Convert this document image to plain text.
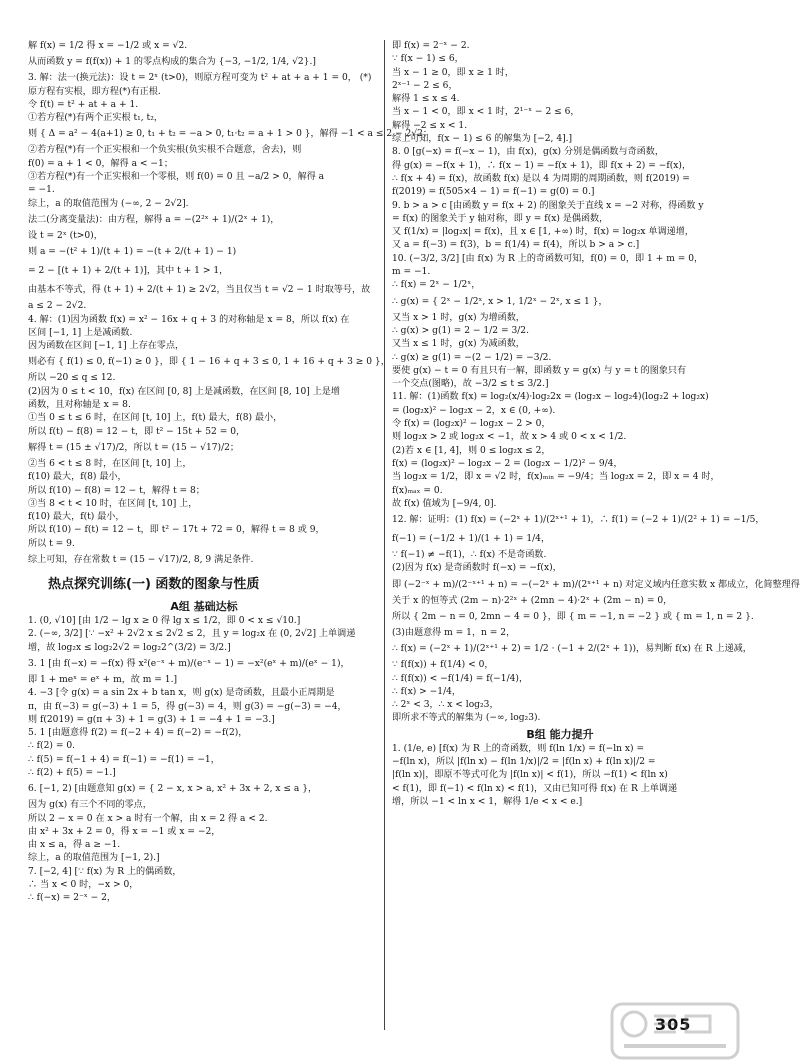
解 f(x) = 1/2 得 x = −1/2 或 x = √2.
从而函数 y = f(f(x)) + 1 的零点构成的集合为 {−3, −1/2, 1/4, √2}.]
3. 解：法一(换元法)：设 t = 2ˣ (t>0)，则原方程可变为 t² + at + a + 1 = 0， (*)
原方程有实根，即方程(*)有正根.
令 f(t) = t² + at + a + 1.
①若方程(*)有两个正实根 t₁, t₂，
则 { Δ = a² − 4(a+1) ≥ 0, t₁ + t₂ = −a > 0, t₁·t₂ = a + 1 > 0 }，解得 −1 < a ≤ 2 − 2√2；
②若方程(*)有一个正实根和一个负实根(负实根不合题意，舍去)，则
f(0) = a + 1 < 0，解得 a < −1；
③若方程(*)有一个正实根和一个零根，则 f(0) = 0 且 −a/2 > 0，解得 a
= −1.
综上，a 的取值范围为 (−∞, 2 − 2√2].
法二(分离变量法)：由方程，解得 a = −(2²ˣ + 1)/(2ˣ + 1)，
设 t = 2ˣ (t>0)，
则 a = −(t² + 1)/(t + 1) = −(t + 2/(t + 1) − 1)
= 2 − [(t + 1) + 2/(t + 1)]，其中 t + 1 > 1，
由基本不等式，得 (t + 1) + 2/(t + 1) ≥ 2√2，当且仅当 t = √2 − 1 时取等号，故
a ≤ 2 − 2√2.
4. 解：(1)因为函数 f(x) = x² − 16x + q + 3 的对称轴是 x = 8，所以 f(x) 在
区间 [−1, 1] 上是减函数.
因为函数在区间 [−1, 1] 上存在零点，
则必有 { f(1) ≤ 0, f(−1) ≥ 0 }，即 { 1 − 16 + q + 3 ≤ 0, 1 + 16 + q + 3 ≥ 0 }，
所以 −20 ≤ q ≤ 12.
(2)因为 0 ≤ t < 10，f(x) 在区间 [0, 8] 上是减函数，在区间 [8, 10] 上是增
函数，且对称轴是 x = 8.
①当 0 ≤ t ≤ 6 时，在区间 [t, 10] 上，f(t) 最大，f(8) 最小，
所以 f(t) − f(8) = 12 − t，即 t² − 15t + 52 = 0，
解得 t = (15 ± √17)/2，所以 t = (15 − √17)/2；
②当 6 < t ≤ 8 时，在区间 [t, 10] 上，
f(10) 最大，f(8) 最小，
所以 f(10) − f(8) = 12 − t，解得 t = 8；
③当 8 < t < 10 时，在区间 [t, 10] 上，
f(10) 最大，f(t) 最小，
所以 f(10) − f(t) = 12 − t，即 t² − 17t + 72 = 0，解得 t = 8 或 9，
所以 t = 9.
综上可知，存在常数 t = (15 − √17)/2, 8, 9 满足条件.
热点探究训练(一) 函数的图象与性质
A组 基础达标
1. (0, √10] [由 1/2 − lg x ≥ 0 得 lg x ≤ 1/2，即 0 < x ≤ √10.]
2. (−∞, 3/2] [∵ −x² + 2√2 x ≤ 2√2 ≤ 2，且 y = log₂x 在 (0, 2√2] 上单调递
增，故 log₂x ≤ log₂2√2 = log₂2^(3/2) = 3/2.]
3. 1 [由 f(−x) = −f(x) 得 x²(e⁻ˣ + m)/(e⁻ˣ − 1) = −x²(eˣ + m)/(eˣ − 1)，
即 1 + meˣ = eˣ + m，故 m = 1.]
4. −3 [令 g(x) = a sin 2x + b tan x，则 g(x) 是奇函数，且最小正周期是
π，由 f(−3) = g(−3) + 1 = 5，得 g(−3) = 4，则 g(3) = −g(−3) = −4，
则 f(2019) = g(π + 3) + 1 = g(3) + 1 = −4 + 1 = −3.]
5. 1 [由题意得 f(2) = f(−2 + 4) = f(−2) = −f(2)，
∴ f(2) = 0.
∴ f(5) = f(−1 + 4) = f(−1) = −f(1) = −1，
∴ f(2) + f(5) = −1.]
6. [−1, 2) [由题意知 g(x) = { 2 − x, x > a, x² + 3x + 2, x ≤ a }，
因为 g(x) 有三个不同的零点，
所以 2 − x = 0 在 x > a 时有一个解，由 x = 2 得 a < 2.
由 x² + 3x + 2 = 0，得 x = −1 或 x = −2，
由 x ≤ a，得 a ≥ −1.
综上，a 的取值范围为 [−1, 2).]
7. [−2, 4] [∵ f(x) 为 R 上的偶函数，
∴ 当 x < 0 时，−x > 0，
∴ f(−x) = 2⁻ˣ − 2，
即 f(x) = 2⁻ˣ − 2.
∵ f(x − 1) ≤ 6，
当 x − 1 ≥ 0，即 x ≥ 1 时，
2ˣ⁻¹ − 2 ≤ 6，
解得 1 ≤ x ≤ 4.
当 x − 1 < 0，即 x < 1 时，2¹⁻ˣ − 2 ≤ 6，
解得 −2 ≤ x < 1.
综上可知，f(x − 1) ≤ 6 的解集为 [−2, 4].]
8. 0 [g(−x) = f(−x − 1)，由 f(x)，g(x) 分别是偶函数与奇函数，
得 g(x) = −f(x + 1)，∴ f(x − 1) = −f(x + 1)，即 f(x + 2) = −f(x)，
∴ f(x + 4) = f(x)，故函数 f(x) 是以 4 为周期的周期函数，则 f(2019) =
f(2019) = f(505×4 − 1) = f(−1) = g(0) = 0.]
9. b > a > c [由函数 y = f(x + 2) 的图象关于直线 x = −2 对称，得函数 y
= f(x) 的图象关于 y 轴对称，即 y = f(x) 是偶函数，
又 f(1/x) = |log₂x| = f(x)，且 x ∈ [1, +∞) 时，f(x) = log₂x 单调递增，
又 a = f(−3) = f(3)，b = f(1/4) = f(4)，所以 b > a > c.]
10. (−3/2, 3/2] [由 f(x) 为 R 上的奇函数可知，f(0) = 0，即 1 + m = 0，
m = −1.
∴ f(x) = 2ˣ − 1/2ˣ，
∴ g(x) = { 2ˣ − 1/2ˣ, x > 1, 1/2ˣ − 2ˣ, x ≤ 1 }，
又当 x > 1 时，g(x) 为增函数，
∴ g(x) > g(1) = 2 − 1/2 = 3/2.
又当 x ≤ 1 时，g(x) 为减函数，
∴ g(x) ≥ g(1) = −(2 − 1/2) = −3/2.
要使 g(x) − t = 0 有且只有一解，即函数 y = g(x) 与 y = t 的图象只有
一个交点(图略)，故 −3/2 ≤ t ≤ 3/2.]
11. 解：(1)函数 f(x) = log₂(x/4)·log₂2x = (log₂x − log₂4)(log₂2 + log₂x)
= (log₂x)² − log₂x − 2，x ∈ (0, +∞).
令 f(x) = (log₂x)² − log₂x − 2 > 0，
则 log₂x > 2 或 log₂x < −1，故 x > 4 或 0 < x < 1/2.
(2)若 x ∈ [1, 4]，则 0 ≤ log₂x ≤ 2，
f(x) = (log₂x)² − log₂x − 2 = (log₂x − 1/2)² − 9/4，
当 log₂x = 1/2，即 x = √2 时，f(x)ₘᵢₙ = −9/4；当 log₂x = 2，即 x = 4 时，
f(x)ₘₐₓ = 0.
故 f(x) 值域为 [−9/4, 0].
12. 解：证明：(1) f(x) = (−2ˣ + 1)/(2ˣ⁺¹ + 1)，∴ f(1) = (−2 + 1)/(2² + 1) = −1/5，
f(−1) = (−1/2 + 1)/(1 + 1) = 1/4，
∵ f(−1) ≠ −f(1)，∴ f(x) 不是奇函数.
(2)因为 f(x) 是奇函数时 f(−x) = −f(x)，
即 (−2⁻ˣ + m)/(2⁻ˣ⁺¹ + n) = −(−2ˣ + m)/(2ˣ⁺¹ + n) 对定义域内任意实数 x 都成立，化简整理得
关于 x 的恒等式 (2m − n)·2²ˣ + (2mn − 4)·2ˣ + (2m − n) = 0，
所以 { 2m − n = 0, 2mn − 4 = 0 }，即 { m = −1, n = −2 } 或 { m = 1, n = 2 }.
(3)由题意得 m = 1，n = 2，
∴ f(x) = (−2ˣ + 1)/(2ˣ⁺¹ + 2) = 1/2 · (−1 + 2/(2ˣ + 1))，易判断 f(x) 在 R 上递减，
∵ f(f(x)) + f(1/4) < 0，
∴ f(f(x)) < −f(1/4) = f(−1/4)，
∴ f(x) > −1/4，
∴ 2ˣ < 3，∴ x < log₂3，
即所求不等式的解集为 (−∞, log₂3).
B组 能力提升
1. (1/e, e) [f(x) 为 R 上的奇函数，则 f(ln 1/x) = f(−ln x) =
−f(ln x)，所以 |f(ln x) − f(ln 1/x)|/2 = |f(ln x) + f(ln x)|/2 =
|f(ln x)|，即原不等式可化为 |f(ln x)| < f(1)，所以 −f(1) < f(ln x)
< f(1)，即 f(−1) < f(ln x) < f(1)，又由已知可得 f(x) 在 R 上单调递
增，所以 −1 < ln x < 1，解得 1/e < x < e.]
305
